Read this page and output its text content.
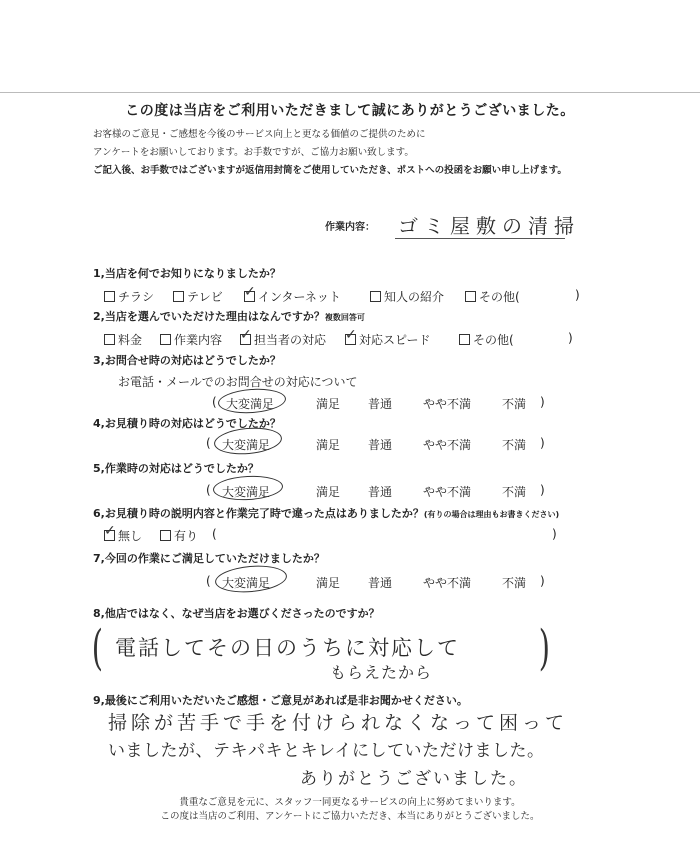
この度は当店をご利用いただきまして誠にありがとうございました。
お客様のご意見・ご感想を今後のサービス向上と更なる価値のご提供のために
アンケートをお願いしております。お手数ですが、ご協力お願い致します。
ご記入後、お手数ではございますが返信用封筒をご使用していただき、ポストへの投函をお願い申し上げます。
作業内容： ゴミ屋敷の清掃
1,当店を何でお知りになりましたか？
チラシ	テレビ ✓	インターネット	知人の紹介	その他(	)
2,当店を選んでいただけた理由はなんですか？複数回答可
料金	作業内容 ✓	担当者の対応 ✓	対応スピード	その他(	)
3,お問合せ時の対応はどうでしたか？
お電話・メールでのお問合せの対応について
( 大変満足	満足 普通	やや不満	不満 )
4,お見積り時の対応はどうでしたか？
( 大変満足	満足 普通	やや不満	不満 )
5,作業時の対応はどうでしたか？
( 大変満足	満足 普通	やや不満	不満 )
6,お見積り時の説明内容と作業完了時で違った点はありましたか？(有りの場合は理由もお書きください)
✓無し	有り (	)
7,今回の作業にご満足していただけましたか？
( 大変満足	満足 普通	やや不満	不満 )
8,他店ではなく、なぜ当店をお選びくださったのですか？
(	)
電話してその日のうちに対応して
もらえたから
9,最後にご利用いただいたご感想・ご意見があれば是非お聞かせください。
掃除が苦手で手を付けられなくなって困って
いましたが、テキパキとキレイにしていただけました。
ありがとうございました。
貴重なご意見を元に、スタッフ一同更なるサービスの向上に努めてまいります。
この度は当店のご利用、アンケートにご協力いただき、本当にありがとうございました。
